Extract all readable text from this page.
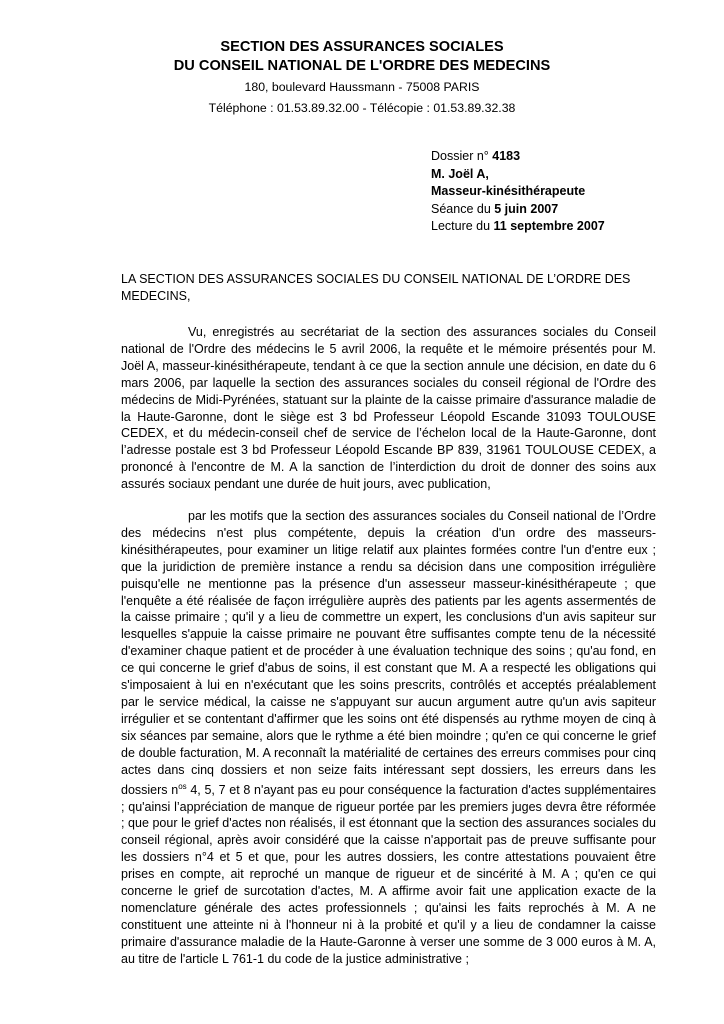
SECTION DES ASSURANCES SOCIALES
DU CONSEIL NATIONAL DE L'ORDRE DES MEDECINS
180, boulevard Haussmann - 75008 PARIS
Téléphone : 01.53.89.32.00 - Télécopie : 01.53.89.32.38
Dossier n° 4183
M. Joël A,
Masseur-kinésithérapeute
Séance du 5 juin 2007
Lecture du 11 septembre 2007
LA SECTION DES ASSURANCES SOCIALES DU CONSEIL NATIONAL DE L’ORDRE DES MEDECINS,
Vu, enregistrés au secrétariat de la section des assurances sociales du Conseil national de l'Ordre des médecins le 5 avril 2006, la requête et le mémoire présentés pour M. Joël A, masseur-kinésithérapeute, tendant à ce que la section annule une décision, en date du 6 mars 2006, par laquelle la section des assurances sociales du conseil régional de l'Ordre des médecins de Midi-Pyrénées, statuant sur la plainte de la caisse primaire d'assurance maladie de la Haute-Garonne, dont le siège est 3 bd Professeur Léopold Escande 31093 TOULOUSE CEDEX, et du médecin-conseil chef de service de l’échelon local de la Haute-Garonne, dont l’adresse postale est 3 bd Professeur Léopold Escande BP 839, 31961 TOULOUSE CEDEX, a prononcé à l'encontre de M. A la sanction de l’interdiction du droit de donner des soins aux assurés sociaux pendant une durée de huit jours, avec publication,
par les motifs que la section des assurances sociales du Conseil national de l’Ordre des médecins n'est plus compétente, depuis la création d'un ordre des masseurs-kinésithérapeutes, pour examiner un litige relatif aux plaintes formées contre l'un d'entre eux ; que la juridiction de première instance a rendu sa décision dans une composition irrégulière puisqu'elle ne mentionne pas la présence d'un assesseur masseur-kinésithérapeute ; que l'enquête a été réalisée de façon irrégulière auprès des patients par les agents assermentés de la caisse primaire ; qu'il y a lieu de commettre un expert, les conclusions d'un avis sapiteur sur lesquelles s'appuie la caisse primaire ne pouvant être suffisantes compte tenu de la nécessité d'examiner chaque patient et de procéder à une évaluation technique des soins ; qu'au fond, en ce qui concerne le grief d'abus de soins, il est constant que M. A a respecté les obligations qui s'imposaient à lui en n'exécutant que les soins prescrits, contrôlés et acceptés préalablement par le service médical, la caisse ne s'appuyant sur aucun argument autre qu'un avis sapiteur irrégulier et se contentant d'affirmer que les soins ont été dispensés au rythme moyen de cinq à six séances par semaine, alors que le rythme a été bien moindre ; qu'en ce qui concerne le grief de double facturation, M. A reconnaît la matérialité de certaines des erreurs commises pour cinq actes dans cinq dossiers et non seize faits intéressant sept dossiers, les erreurs dans les dossiers $n^{os}$ 4, 5, 7 et 8 n'ayant pas eu pour conséquence la facturation d'actes supplémentaires ; qu'ainsi l’appréciation de manque de rigueur portée par les premiers juges devra être réformée ; que pour le grief d'actes non réalisés, il est étonnant que la section des assurances sociales du conseil régional, après avoir considéré que la caisse n'apportait pas de preuve suffisante pour les dossiers n°4 et 5 et que, pour les autres dossiers, les contre attestations pouvaient être prises en compte, ait reproché un manque de rigueur et de sincérité à M. A ; qu'en ce qui concerne le grief de surcotation d'actes, M. A affirme avoir fait une application exacte de la nomenclature générale des actes professionnels ; qu'ainsi les faits reprochés à M. A ne constituent une atteinte ni à l'honneur ni à la probité et qu'il y a lieu de condamner la caisse primaire d'assurance maladie de la Haute-Garonne à verser une somme de 3 000 euros à M. A, au titre de l'article L 761-1 du code de la justice administrative ;
